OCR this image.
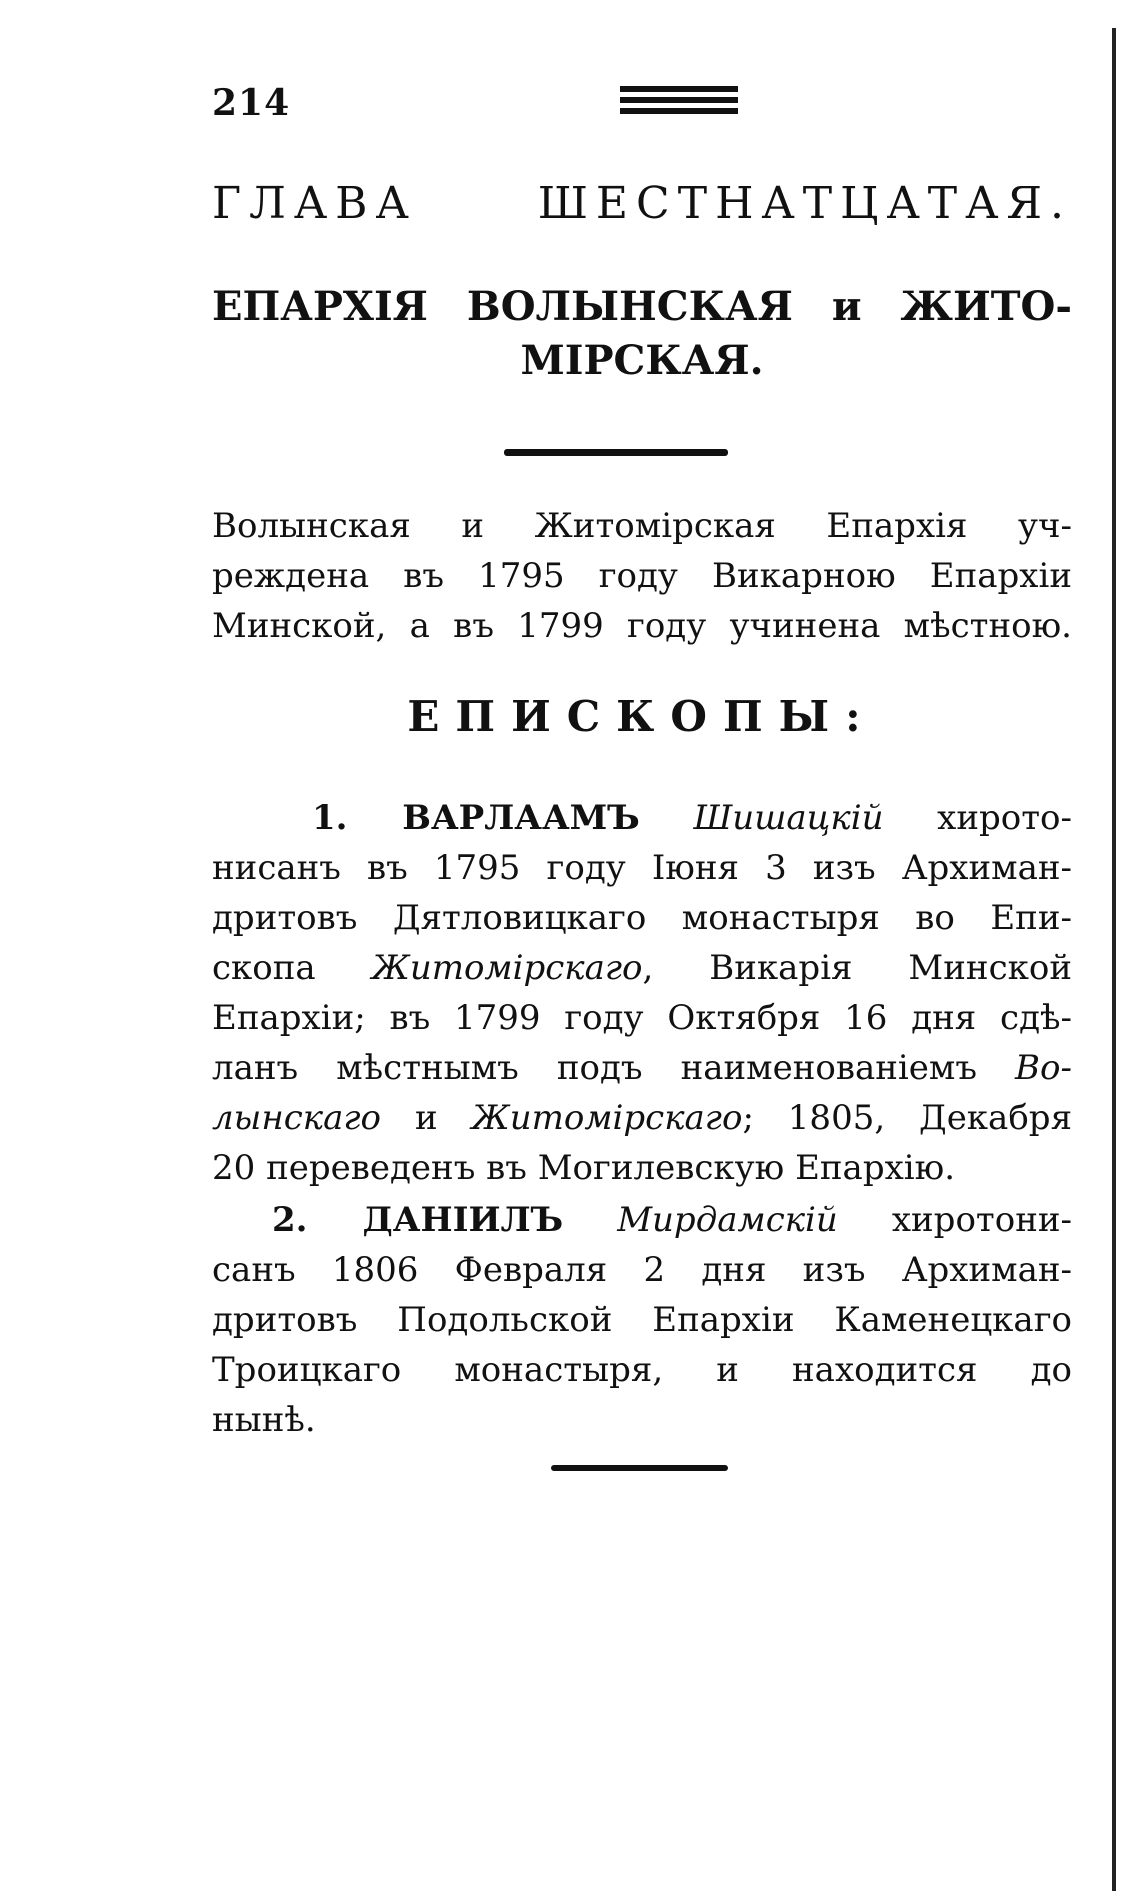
214
ГЛАВА ШЕСТНАТЦАТАЯ.
ЕПАРХІЯ ВОЛЫНСКАЯ и ЖИТО-
МІРСКАЯ.
Волынская и Житомірская Епархія уч-
реждена въ 1795 году Викарною Епархіи
Минской, а въ 1799 году учинена мѣстною.
ЕПИСКОПЫ:
1. ВАРЛААМЪ Шишацкій хирото-
нисанъ въ 1795 году Іюня 3 изъ Архиман-
дритовъ Дятловицкаго монастыря во Епи-
скопа Житомірскаго, Викарія Минской
Епархіи; въ 1799 году Октября 16 дня сдѣ-
ланъ мѣстнымъ подъ наименованіемъ Во-
лынскаго и Житомірскаго; 1805, Декабря
20 переведенъ въ Могилевскую Епархію.
2. ДАНІИЛЪ Мирдамскій хиротони-
санъ 1806 Февраля 2 дня изъ Архиман-
дритовъ Подольской Епархіи Каменецкаго
Троицкаго монастыря, и находится до
нынѣ.
